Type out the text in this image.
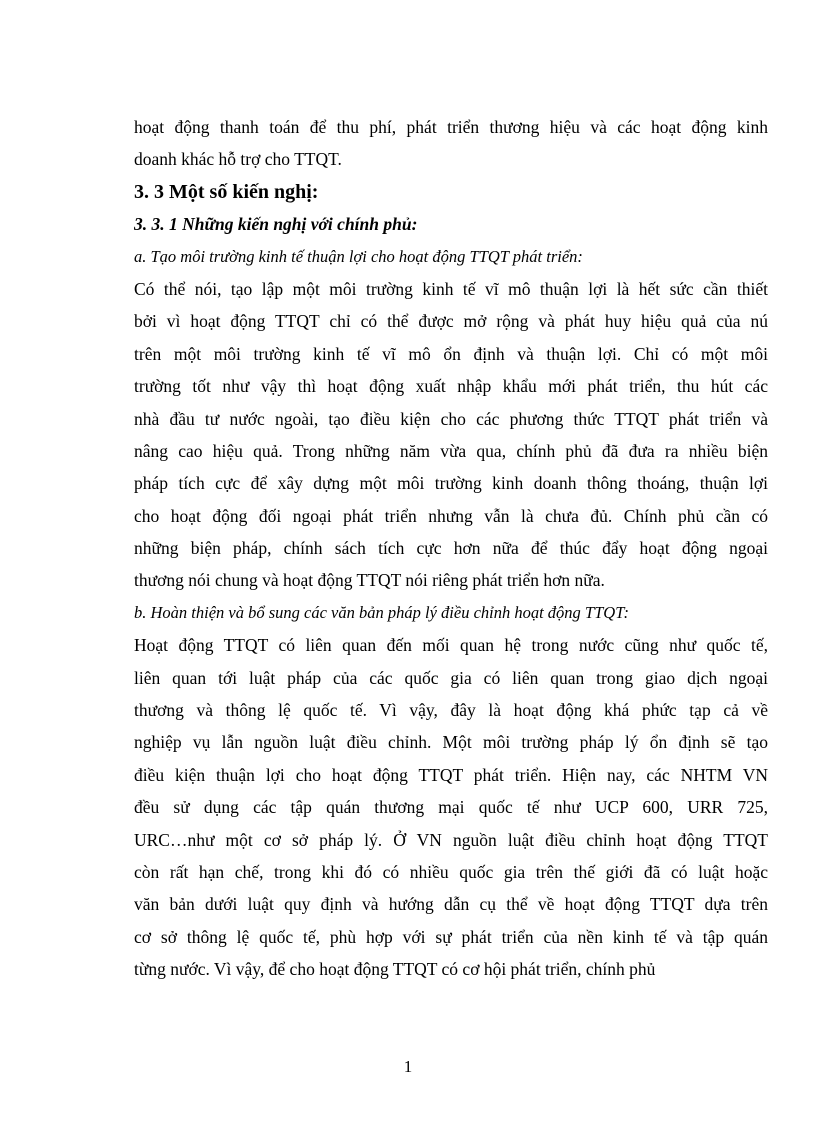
hoạt động thanh toán để thu phí, phát triển thương hiệu và các hoạt động kinh
doanh khác hỗ trợ cho TTQT.
3. 3 Một số kiến nghị:
3. 3. 1 Những kiến nghị với chính phủ:
a. Tạo môi trường kinh tế thuận lợi cho hoạt động TTQT phát triển:
Có thể nói, tạo lập một môi trường kinh tế vĩ mô thuận lợi là hết sức cần thiết
bởi vì hoạt động TTQT chỉ có thể được mở rộng và phát huy hiệu quả của nú
trên một môi trường kinh tế vĩ mô ổn định và thuận lợi. Chỉ có một môi
trường tốt như vậy thì hoạt động xuất nhập khẩu mới phát triển, thu hút các
nhà đầu tư nước ngoài, tạo điều kiện cho các phương thức TTQT phát triển và
nâng cao hiệu quả. Trong những năm vừa qua, chính phủ đã đưa ra nhiều biện
pháp tích cực để xây dựng một môi trường kinh doanh thông thoáng, thuận lợi
cho hoạt động đối ngoại phát triển nhưng vẫn là chưa đủ. Chính phủ cần có
những biện pháp, chính sách tích cực hơn nữa để thúc đẩy hoạt động ngoại
thương nói chung và hoạt động TTQT nói riêng phát triển hơn nữa.
b. Hoàn thiện và bổ sung các văn bản pháp lý điều chỉnh hoạt động TTQT:
Hoạt động TTQT có liên quan đến mối quan hệ trong nước cũng như quốc tế,
liên quan tới luật pháp của các quốc gia có liên quan trong giao dịch ngoại
thương và thông lệ quốc tế. Vì vậy, đây là hoạt động khá phức tạp cả về
nghiệp vụ lẫn nguồn luật điều chỉnh. Một môi trường pháp lý ổn định sẽ tạo
điều kiện thuận lợi cho hoạt động TTQT phát triển. Hiện nay, các NHTM VN
đều sử dụng các tập quán thương mại quốc tế như UCP 600, URR 725,
URC…như một cơ sở pháp lý. Ở VN nguồn luật điều chỉnh hoạt động TTQT
còn rất hạn chế, trong khi đó có nhiều quốc gia trên thế giới đã có luật hoặc
văn bản dưới luật quy định và hướng dẫn cụ thể về hoạt động TTQT dựa trên
cơ sở thông lệ quốc tế, phù hợp với sự phát triển của nền kinh tế và tập quán
từng nước. Vì vậy, để cho hoạt động TTQT có cơ hội phát triển, chính phủ
1
